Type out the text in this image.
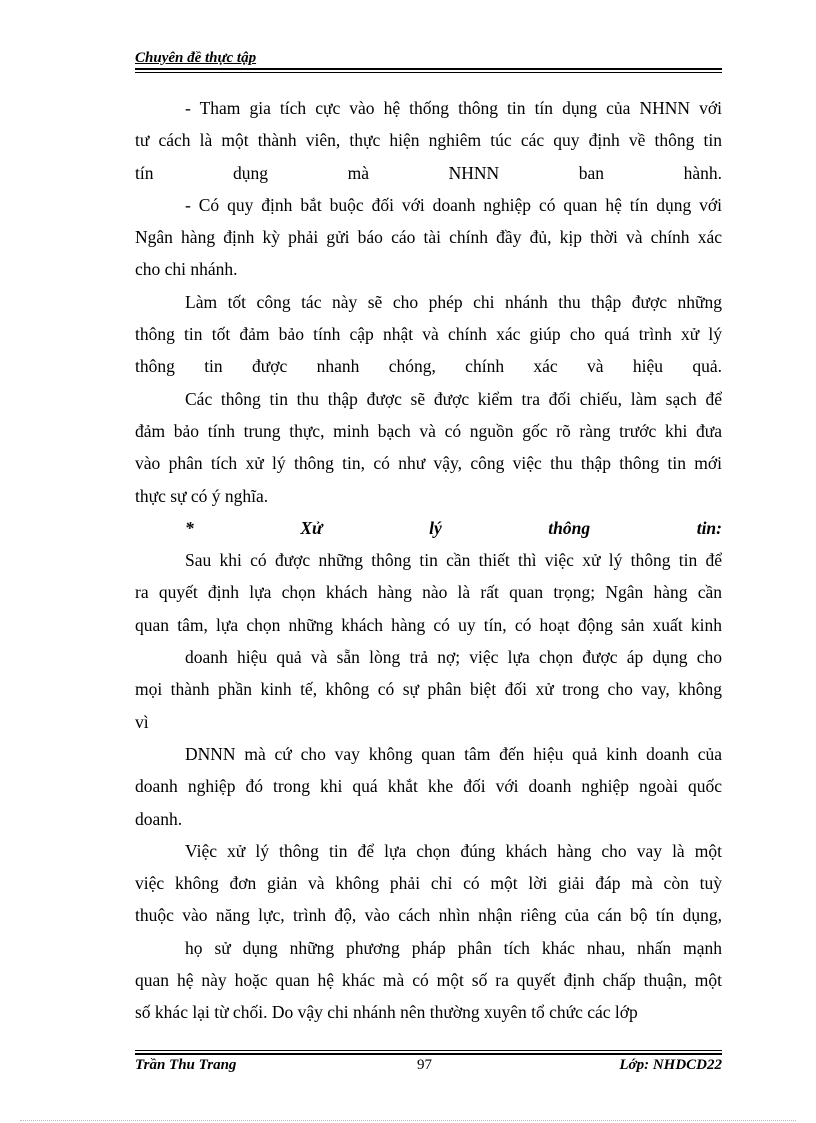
Chuyên đề thực tập
- Tham gia tích cực vào hệ thống thông tin tín dụng của NHNN với
tư cách là một thành viên, thực hiện nghiêm túc các quy định về thông tin
tín dụng mà NHNN ban hành.
- Có quy định bắt buộc đối với doanh nghiệp có quan hệ tín dụng với
Ngân hàng định kỳ phải gửi báo cáo tài chính đầy đủ, kịp thời và chính xác
cho chi nhánh.
Làm tốt công tác này sẽ cho phép chi nhánh thu thập được những
thông tin tốt đảm bảo tính cập nhật và chính xác giúp cho quá trình xử lý
thông tin được nhanh chóng, chính xác và hiệu quả.
Các thông tin thu thập được sẽ được kiểm tra đối chiếu, làm sạch để
đảm bảo tính trung thực, minh bạch và có nguồn gốc rõ ràng trước khi đưa
vào phân tích xử lý thông tin, có như vậy, công việc thu thập thông tin mới
thực sự có ý nghĩa.
* Xử lý thông tin:
Sau khi có được những thông tin cần thiết thì việc xử lý thông tin để
ra quyết định lựa chọn khách hàng nào là rất quan trọng; Ngân hàng cần
quan tâm, lựa chọn những khách hàng có uy tín, có hoạt động sản xuất kinh
doanh hiệu quả và sẵn lòng trả nợ; việc lựa chọn được áp dụng cho
mọi thành phần kinh tế, không có sự phân biệt đối xử trong cho vay, không
vì
DNNN mà cứ cho vay không quan tâm đến hiệu quả kinh doanh của
doanh nghiệp đó trong khi quá khắt khe đối với doanh nghiệp ngoài quốc
doanh.
Việc xử lý thông tin để lựa chọn đúng khách hàng cho vay là một
việc không đơn giản và không phải chỉ có một lời giải đáp mà còn tuỳ
thuộc vào năng lực, trình độ, vào cách nhìn nhận riêng của cán bộ tín dụng,
họ sử dụng những phương pháp phân tích khác nhau, nhấn mạnh
quan hệ này hoặc quan hệ khác mà có một số ra quyết định chấp thuận, một
số khác lại từ chối. Do vậy chi nhánh nên thường xuyên tổ chức các lớp
Trần Thu Trang	97	Lớp: NHDCD22
